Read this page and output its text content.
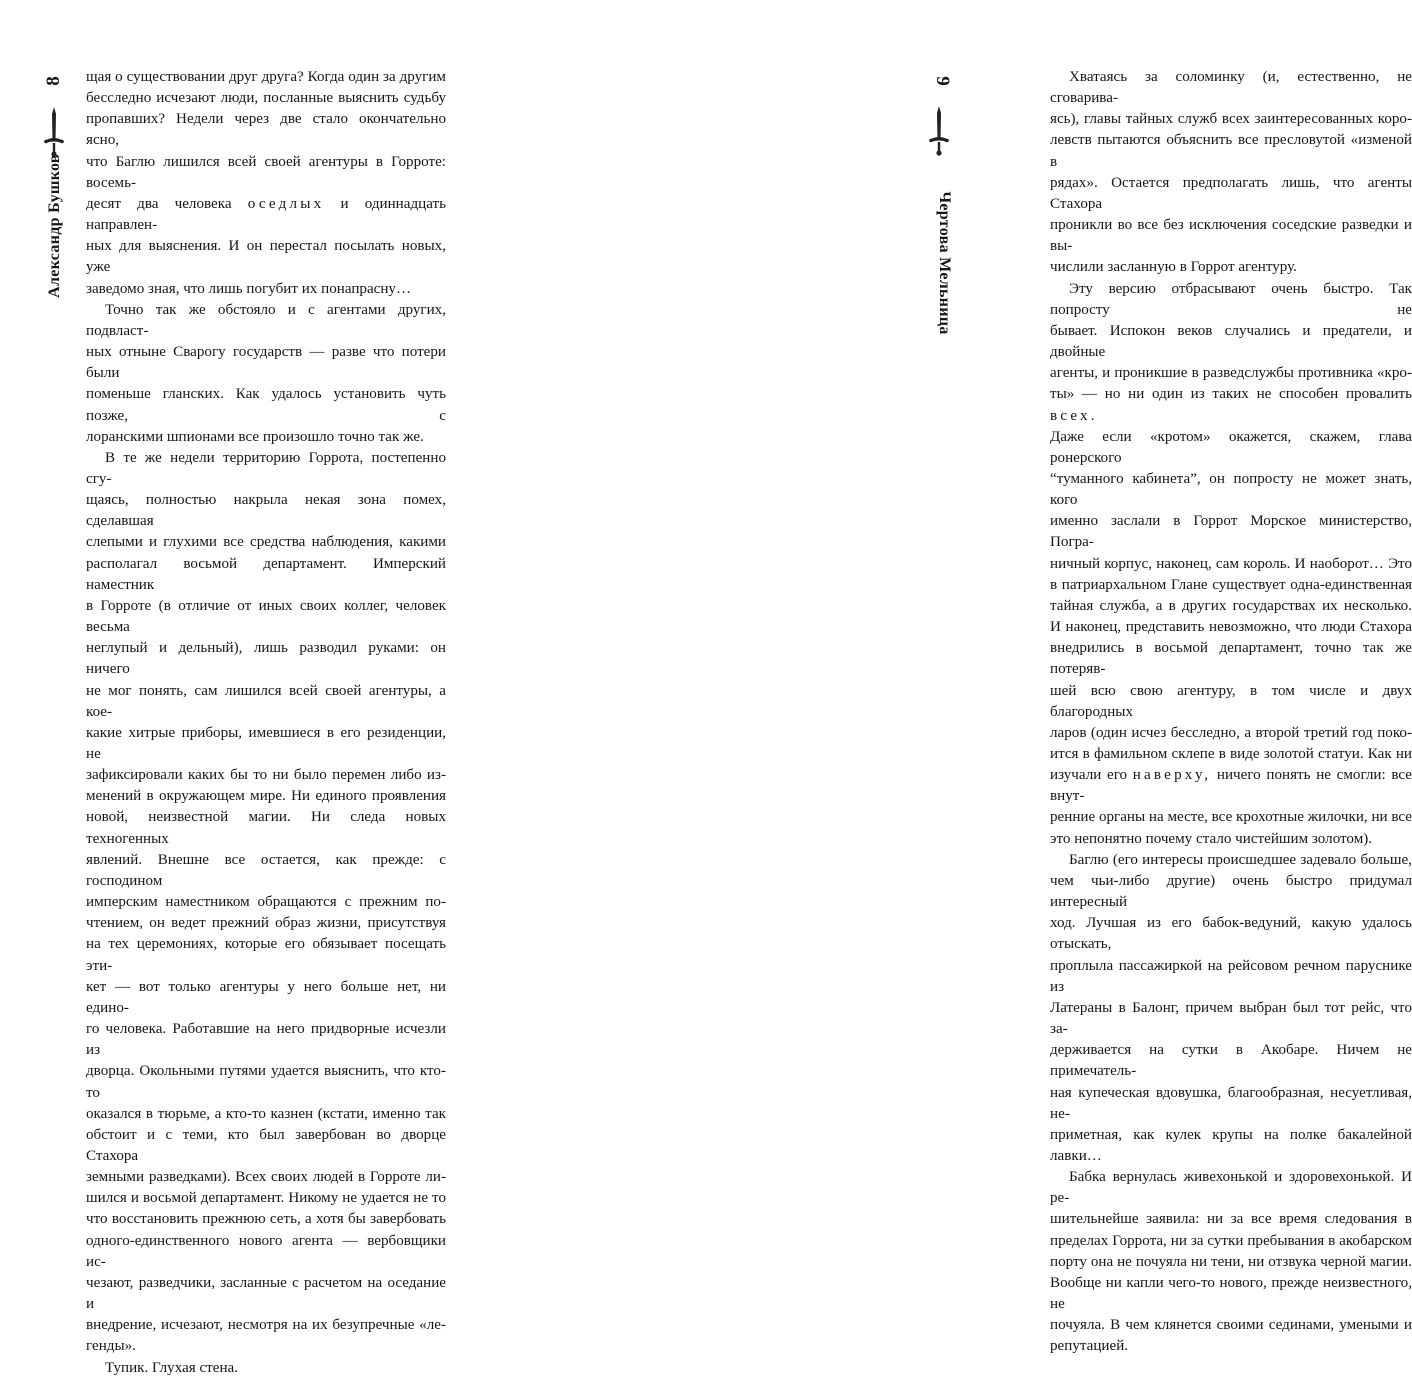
8
Александр Бушков

щая о существовании друг друга? Когда один за другим

бесследно исчезают люди, посланные выяснить судьбу

пропавших? Недели через две стало окончательно ясно,

что Баглю лишился всей своей агентуры в Горроте: восемь-

десят два человека оседлых и одиннадцать направлен-

ных для выяснения. И он перестал посылать новых, уже

заведомо зная, что лишь погубит их понапрасну…

Точно так же обстояло и с агентами других, подвласт-

ных отныне Сварогу государств — разве что потери были

поменьше гланских. Как удалось установить чуть позже, с

лоранскими шпионами все произошло точно так же.

В те же недели территорию Горрота, постепенно сгу-

щаясь, полностью накрыла некая зона помех, сделавшая

слепыми и глухими все средства наблюдения, какими

располагал восьмой департамент. Имперский наместник

в Горроте (в отличие от иных своих коллег, человек весьма

неглупый и дельный), лишь разводил руками: он ничего

не мог понять, сам лишился всей своей агентуры, а кое-

какие хитрые приборы, имевшиеся в его резиденции, не

зафиксировали каких бы то ни было перемен либо из-

менений в окружающем мире. Ни единого проявления

новой, неизвестной магии. Ни следа новых техногенных

явлений. Внешне все остается, как прежде: с господином

имперским наместником обращаются с прежним по-

чтением, он ведет прежний образ жизни, присутствуя

на тех церемониях, которые его обязывает посещать эти-

кет — вот только агентуры у него больше нет, ни едино-

го человека. Работавшие на него придворные исчезли из

дворца. Окольными путями удается выяснить, что кто-то

оказался в тюрьме, а кто-то казнен (кстати, именно так

обстоит и с теми, кто был завербован во дворце Стахора

земными разведками). Всех своих людей в Горроте ли-

шился и восьмой департамент. Никому не удается не то

что восстановить прежнюю сеть, а хотя бы завербовать

одного-единственного нового агента — вербовщики ис-

чезают, разведчики, засланные с расчетом на оседание и

внедрение, исчезают, несмотря на их безупречные «ле-

генды».

Тупик. Глухая стена.

Хватаясь за соломинку (и, естественно, не сговарива-

ясь), главы тайных служб всех заинтересованных коро-

левств пытаются объяснить все пресловутой «изменой в

рядах». Остается предполагать лишь, что агенты Стахора

проникли во все без исключения соседские разведки и вы-

числили засланную в Горрот агентуру.

Эту версию отбрасывают очень быстро. Так попросту не

бывает. Испокон веков случались и предатели, и двойные

агенты, и проникшие в разведслужбы противника «кро-

ты» — но ни один из таких не способен провалить всех.

Даже если «кротом» окажется, скажем, глава ронерского

“туманного кабинета”, он попросту не может знать, кого

именно заслали в Горрот Морское министерство, Погра-

ничный корпус, наконец, сам король. И наоборот… Это

в патриархальном Глане существует одна-единственная

тайная служба, а в других государствах их несколько.

И наконец, представить невозможно, что люди Стахора

внедрились в восьмой департамент, точно так же потеряв-

шей всю свою агентуру, в том числе и двух благородных

ларов (один исчез бесследно, а второй третий год поко-

ится в фамильном склепе в виде золотой статуи. Как ни

изучали его наверху, ничего понять не смогли: все внут-

ренние органы на месте, все крохотные жилочки, ни все

это непонятно почему стало чистейшим золотом).

Баглю (его интересы происшедшее задевало больше,

чем чьи-либо другие) очень быстро придумал интересный

ход. Лучшая из его бабок-ведуний, какую удалось отыскать,

проплыла пассажиркой на рейсовом речном паруснике из

Латераны в Балонг, причем выбран был тот рейс, что за-

держивается на сутки в Акобаре. Ничем не примечатель-

ная купеческая вдовушка, благообразная, несуетливая, не-

приметная, как кулек крупы на полке бакалейной лавки…

Бабка вернулась живехонькой и здоровехонькой. И ре-

шительнейше заявила: ни за все время следования в

пределах Горрота, ни за сутки пребывания в акобарском

порту она не почуяла ни тени, ни отзвука черной магии.

Вообще ни капли чего-то нового, прежде неизвестного, не

почуяла. В чем клянется своими сединами, умеными и

репутацией.

9
Чертова Мельница
